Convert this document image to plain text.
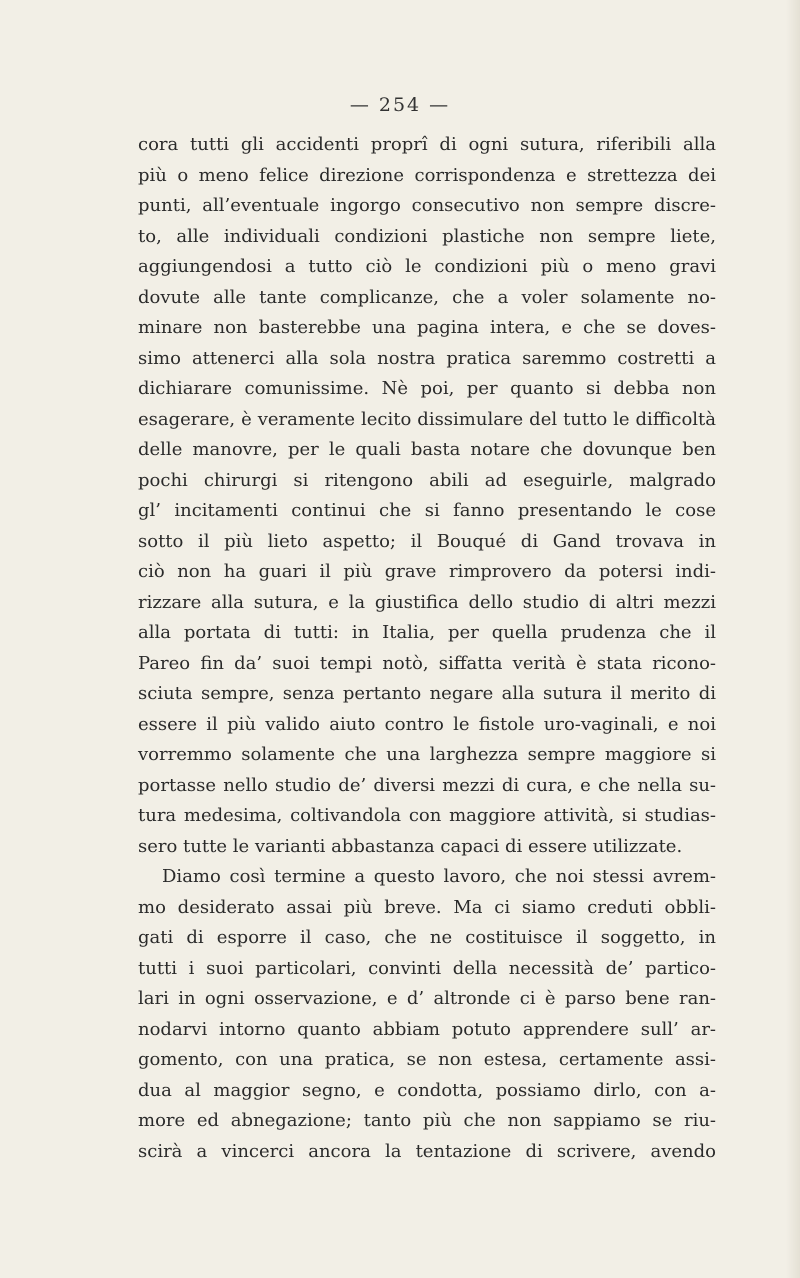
— 254 —
cora tutti gli accidenti proprî di ogni sutura, riferibili alla
più o meno felice direzione corrispondenza e strettezza dei
punti, all’eventuale ingorgo consecutivo non sempre discre-
to, alle individuali condizioni plastiche non sempre liete,
aggiungendosi a tutto ciò le condizioni più o meno gravi
dovute alle tante complicanze, che a voler solamente no-
minare non basterebbe una pagina intera, e che se doves-
simo attenerci alla sola nostra pratica saremmo costretti a
dichiarare comunissime. Nè poi, per quanto si debba non
esagerare, è veramente lecito dissimulare del tutto le difficoltà
delle manovre, per le quali basta notare che dovunque ben
pochi chirurgi si ritengono abili ad eseguirle, malgrado
gl’ incitamenti continui che si fanno presentando le cose
sotto il più lieto aspetto; il Bouqué di Gand trovava in
ciò non ha guari il più grave rimprovero da potersi indi-
rizzare alla sutura, e la giustifica dello studio di altri mezzi
alla portata di tutti: in Italia, per quella prudenza che il
Pareo fin da’ suoi tempi notò, siffatta verità è stata ricono-
sciuta sempre, senza pertanto negare alla sutura il merito di
essere il più valido aiuto contro le fistole uro-vaginali, e noi
vorremmo solamente che una larghezza sempre maggiore si
portasse nello studio de’ diversi mezzi di cura, e che nella su-
tura medesima, coltivandola con maggiore attività, si studias-
sero tutte le varianti abbastanza capaci di essere utilizzate.
Diamo così termine a questo lavoro, che noi stessi avrem-
mo desiderato assai più breve. Ma ci siamo creduti obbli-
gati di esporre il caso, che ne costituisce il soggetto, in
tutti i suoi particolari, convinti della necessità de’ partico-
lari in ogni osservazione, e d’ altronde ci è parso bene ran-
nodarvi intorno quanto abbiam potuto apprendere sull’ ar-
gomento, con una pratica, se non estesa, certamente assi-
dua al maggior segno, e condotta, possiamo dirlo, con a-
more ed abnegazione; tanto più che non sappiamo se riu-
scirà a vincerci ancora la tentazione di scrivere, avendo
